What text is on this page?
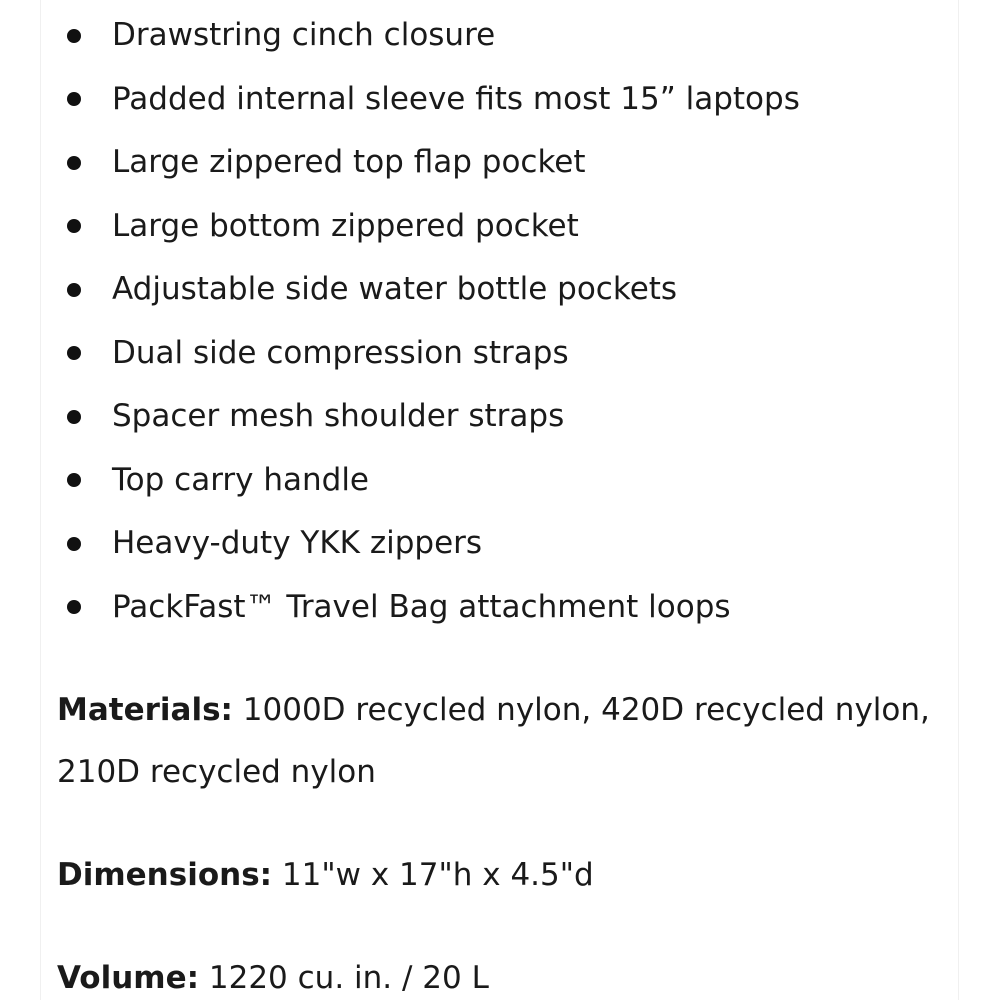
Drawstring cinch closure
Padded internal sleeve fits most 15” laptops
Large zippered top flap pocket
Large bottom zippered pocket
Adjustable side water bottle pockets
Dual side compression straps
Spacer mesh shoulder straps
Top carry handle
Heavy-duty YKK zippers
PackFast™ Travel Bag attachment loops

Materials: 1000D recycled nylon, 420D recycled nylon, 210D recycled nylon

Dimensions: 11"w x 17"h x 4.5"d

Volume: 1220 cu. in. / 20 L
